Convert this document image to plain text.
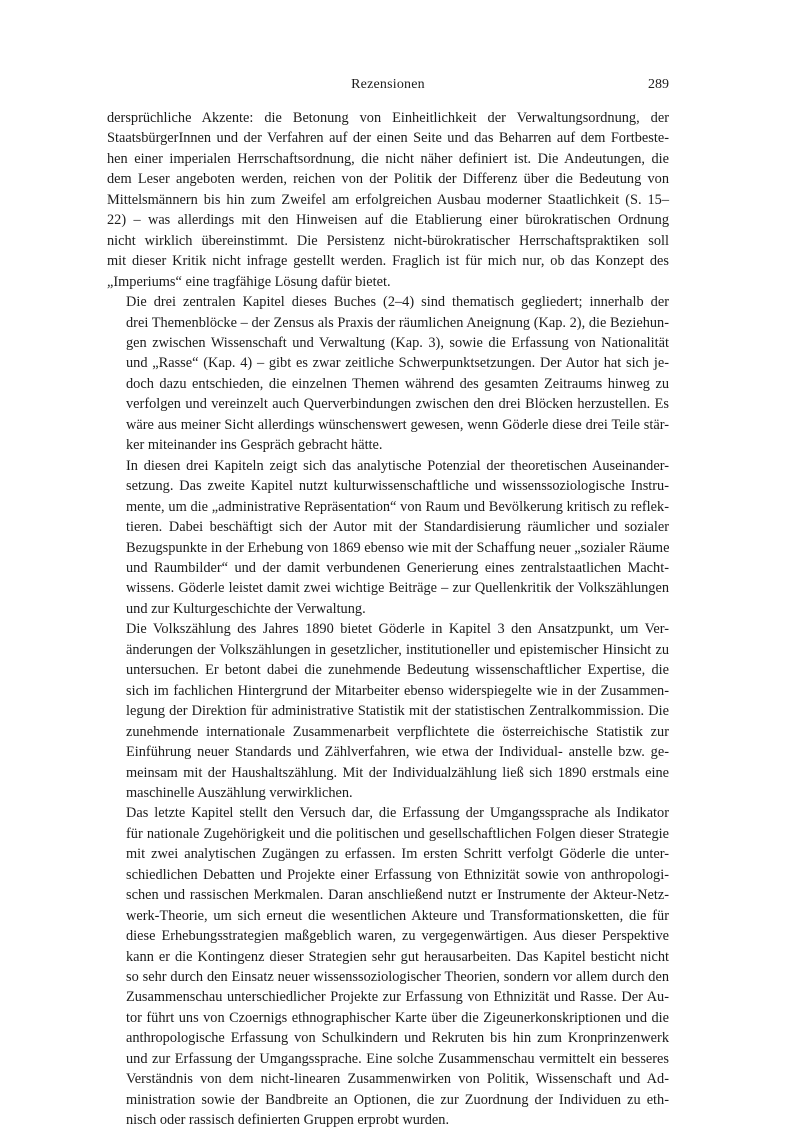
Rezensionen	289

dersprüchliche Akzente: die Betonung von Einheitlichkeit der Verwaltungsordnung, der
StaatsbürgerInnen und der Verfahren auf der einen Seite und das Beharren auf dem Fortbeste-
hen einer imperialen Herrschaftsordnung, die nicht näher definiert ist. Die Andeutungen, die
dem Leser angeboten werden, reichen von der Politik der Differenz über die Bedeutung von
Mittelsmännern bis hin zum Zweifel am erfolgreichen Ausbau moderner Staatlichkeit (S. 15–
22) – was allerdings mit den Hinweisen auf die Etablierung einer bürokratischen Ordnung
nicht wirklich übereinstimmt. Die Persistenz nicht-bürokratischer Herrschaftspraktiken soll
mit dieser Kritik nicht infrage gestellt werden. Fraglich ist für mich nur, ob das Konzept des
„Imperiums“ eine tragfähige Lösung dafür bietet.

Die drei zentralen Kapitel dieses Buches (2–4) sind thematisch gegliedert; innerhalb der
drei Themenblöcke – der Zensus als Praxis der räumlichen Aneignung (Kap. 2), die Beziehun-
gen zwischen Wissenschaft und Verwaltung (Kap. 3), sowie die Erfassung von Nationalität
und „Rasse“ (Kap. 4) – gibt es zwar zeitliche Schwerpunktsetzungen. Der Autor hat sich je-
doch dazu entschieden, die einzelnen Themen während des gesamten Zeitraums hinweg zu
verfolgen und vereinzelt auch Querverbindungen zwischen den drei Blöcken herzustellen. Es
wäre aus meiner Sicht allerdings wünschenswert gewesen, wenn Göderle diese drei Teile stär-
ker miteinander ins Gespräch gebracht hätte.

In diesen drei Kapiteln zeigt sich das analytische Potenzial der theoretischen Auseinander-
setzung. Das zweite Kapitel nutzt kulturwissenschaftliche und wissenssoziologische Instru-
mente, um die „administrative Repräsentation“ von Raum und Bevölkerung kritisch zu reflek-
tieren. Dabei beschäftigt sich der Autor mit der Standardisierung räumlicher und sozialer
Bezugspunkte in der Erhebung von 1869 ebenso wie mit der Schaffung neuer „sozialer Räume
und Raumbilder“ und der damit verbundenen Generierung eines zentralstaatlichen Macht-
wissens. Göderle leistet damit zwei wichtige Beiträge – zur Quellenkritik der Volkszählungen
und zur Kulturgeschichte der Verwaltung.

Die Volkszählung des Jahres 1890 bietet Göderle in Kapitel 3 den Ansatzpunkt, um Ver-
änderungen der Volkszählungen in gesetzlicher, institutioneller und epistemischer Hinsicht zu
untersuchen. Er betont dabei die zunehmende Bedeutung wissenschaftlicher Expertise, die
sich im fachlichen Hintergrund der Mitarbeiter ebenso widerspiegelte wie in der Zusammen-
legung der Direktion für administrative Statistik mit der statistischen Zentralkommission. Die
zunehmende internationale Zusammenarbeit verpflichtete die österreichische Statistik zur
Einführung neuer Standards und Zählverfahren, wie etwa der Individual- anstelle bzw. ge-
meinsam mit der Haushaltszählung. Mit der Individualzählung ließ sich 1890 erstmals eine
maschinelle Auszählung verwirklichen.

Das letzte Kapitel stellt den Versuch dar, die Erfassung der Umgangssprache als Indikator
für nationale Zugehörigkeit und die politischen und gesellschaftlichen Folgen dieser Strategie
mit zwei analytischen Zugängen zu erfassen. Im ersten Schritt verfolgt Göderle die unter-
schiedlichen Debatten und Projekte einer Erfassung von Ethnizität sowie von anthropologi-
schen und rassischen Merkmalen. Daran anschließend nutzt er Instrumente der Akteur-Netz-
werk-Theorie, um sich erneut die wesentlichen Akteure und Transformationsketten, die für
diese Erhebungsstrategien maßgeblich waren, zu vergegenwärtigen. Aus dieser Perspektive
kann er die Kontingenz dieser Strategien sehr gut herausarbeiten. Das Kapitel besticht nicht
so sehr durch den Einsatz neuer wissenssoziologischer Theorien, sondern vor allem durch den
Zusammenschau unterschiedlicher Projekte zur Erfassung von Ethnizität und Rasse. Der Au-
tor führt uns von Czoernigs ethnographischer Karte über die Zigeunerkonskriptionen und die
anthropologische Erfassung von Schulkindern und Rekruten bis hin zum Kronprinzenwerk
und zur Erfassung der Umgangssprache. Eine solche Zusammenschau vermittelt ein besseres
Verständnis von dem nicht-linearen Zusammenwirken von Politik, Wissenschaft und Ad-
ministration sowie der Bandbreite an Optionen, die zur Zuordnung der Individuen zu eth-
nisch oder rassisch definierten Gruppen erprobt wurden.
